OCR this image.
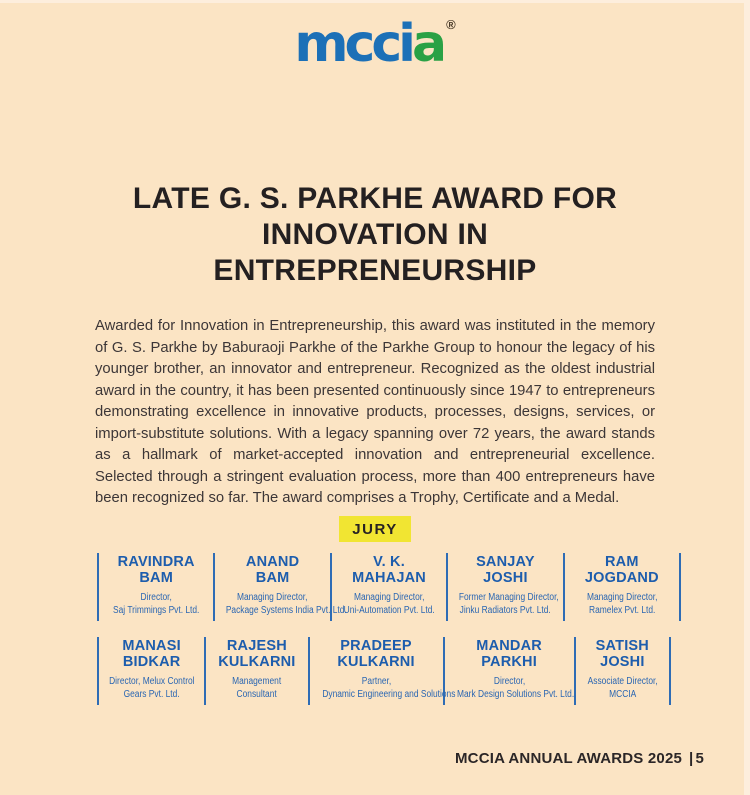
mccia ®
LATE G. S. PARKHE AWARD FOR
INNOVATION IN
ENTREPRENEURSHIP
Awarded for Innovation in Entrepreneurship, this award was instituted in the memory of G. S. Parkhe by Baburaoji Parkhe of the Parkhe Group to honour the legacy of his younger brother, an innovator and entrepreneur. Recognized as the oldest industrial award in the country, it has been presented continuously since 1947 to entrepreneurs demonstrating excellence in innovative products, processes, designs, services, or import-substitute solutions. With a legacy spanning over 72 years, the award stands as a hallmark of market-accepted innovation and entrepreneurial excellence. Selected through a stringent evaluation process, more than 400 entrepreneurs have been recognized so far. The award comprises a Trophy, Certificate and a Medal.
JURY
RAVINDRA
BAM
Director,
Saj Trimmings Pvt. Ltd.
ANAND
BAM
Managing Director,
Package Systems India Pvt. Ltd.
V. K.
MAHAJAN
Managing Director,
Uni-Automation Pvt. Ltd.
SANJAY
JOSHI
Former Managing Director,
Jinku Radiators Pvt. Ltd.
RAM
JOGDAND
Managing Director,
Ramelex Pvt. Ltd.
MANASI
BIDKAR
Director, Melux Control
Gears Pvt. Ltd.
RAJESH
KULKARNI
Management
Consultant
PRADEEP
KULKARNI
Partner,
Dynamic Engineering and Solutions
MANDAR
PARKHI
Director,
Mark Design Solutions Pvt. Ltd.
SATISH
JOSHI
Associate Director,
MCCIA
MCCIA ANNUAL AWARDS 2025 | 5
